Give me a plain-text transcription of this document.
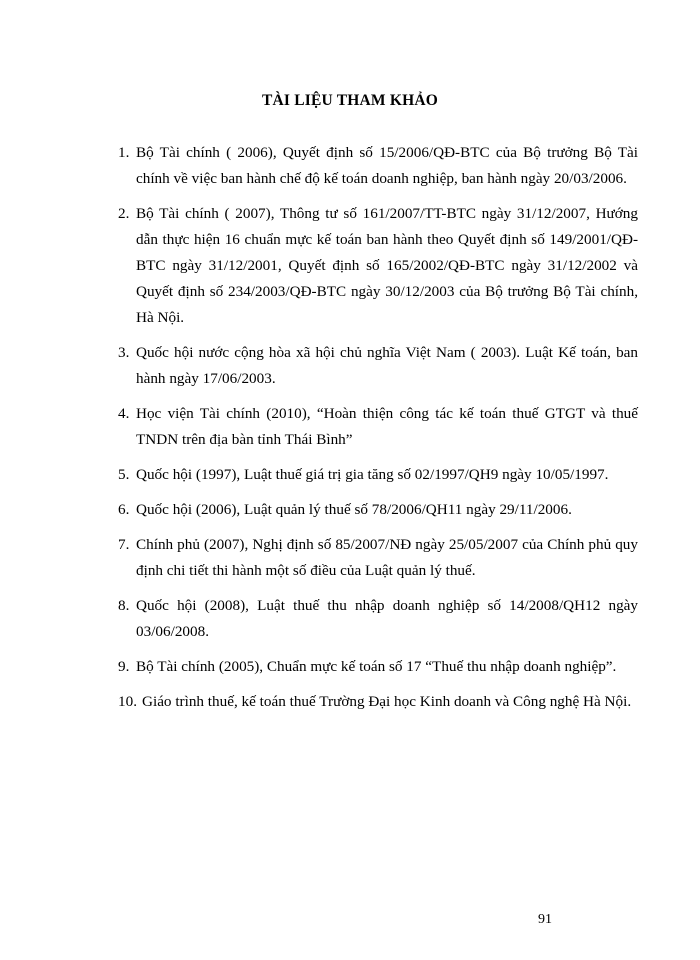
TÀI LIỆU THAM KHẢO
1. Bộ Tài chính ( 2006), Quyết định số 15/2006/QĐ-BTC của Bộ trưởng Bộ Tài chính về việc ban hành chế độ kế toán doanh nghiệp, ban hành ngày 20/03/2006.
2. Bộ Tài chính ( 2007), Thông tư số 161/2007/TT-BTC ngày 31/12/2007, Hướng dẫn thực hiện 16 chuẩn mực kế toán ban hành theo Quyết định số 149/2001/QĐ-BTC ngày 31/12/2001, Quyết định số 165/2002/QĐ-BTC ngày 31/12/2002 và Quyết định số 234/2003/QĐ-BTC ngày 30/12/2003 của Bộ trưởng Bộ Tài chính, Hà Nội.
3. Quốc hội nước cộng hòa xã hội chủ nghĩa Việt Nam ( 2003). Luật Kế toán, ban hành ngày 17/06/2003.
4. Học viện Tài chính (2010), “Hoàn thiện công tác kế toán thuế GTGT và thuế TNDN trên địa bàn tỉnh Thái Bình”
5. Quốc hội (1997), Luật thuế giá trị gia tăng số 02/1997/QH9 ngày 10/05/1997.
6. Quốc hội (2006), Luật quản lý thuế số 78/2006/QH11 ngày 29/11/2006.
7. Chính phủ (2007), Nghị định số 85/2007/NĐ ngày 25/05/2007 của Chính phủ quy định chi tiết thi hành một số điều của Luật quản lý thuế.
8. Quốc hội (2008), Luật thuế thu nhập doanh nghiệp số 14/2008/QH12 ngày 03/06/2008.
9. Bộ Tài chính (2005), Chuẩn mực kế toán số 17 “Thuế thu nhập doanh nghiệp”.
10. Giáo trình thuế, kế toán thuế Trường Đại học Kinh doanh và Công nghệ Hà Nội.
91
